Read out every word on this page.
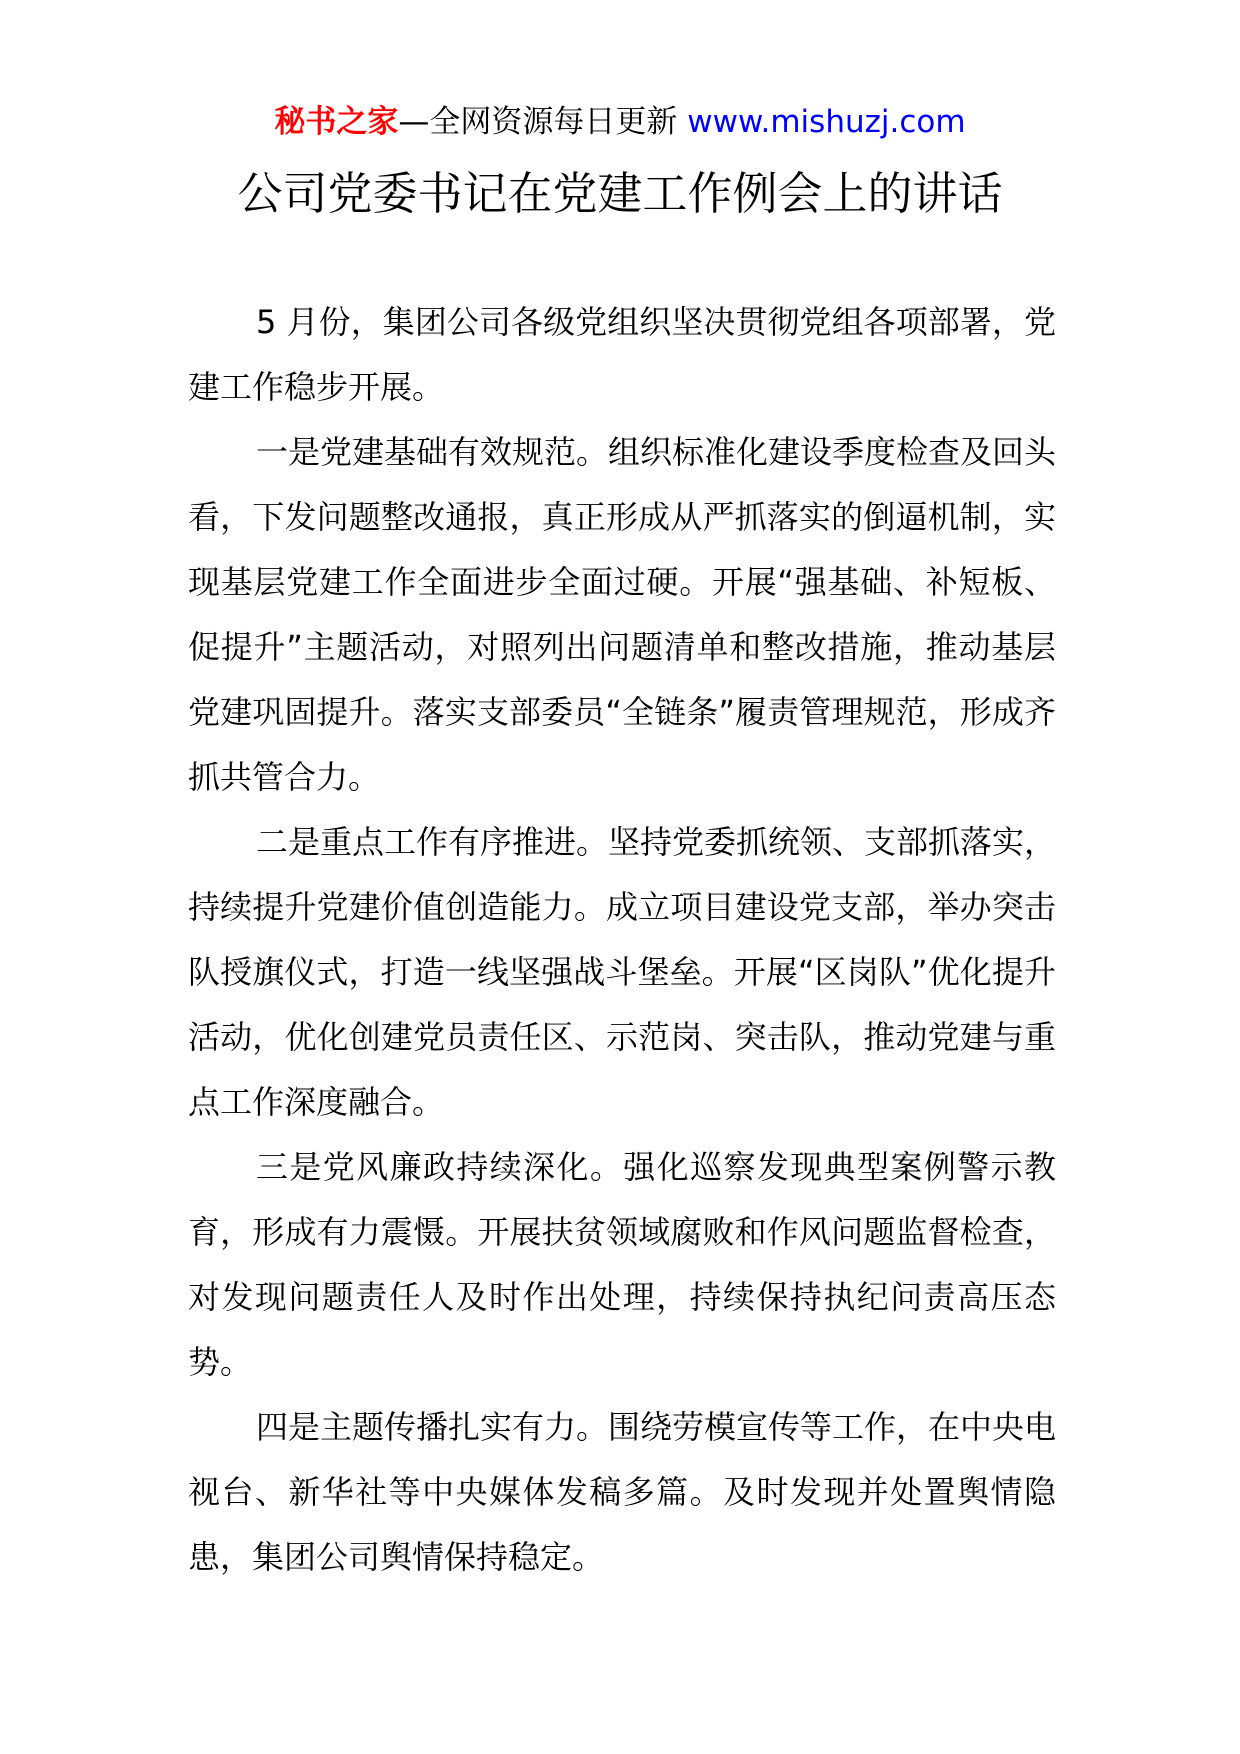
秘书之家—全网资源每日更新 www.mishuzj.com
公司党委书记在党建工作例会上的讲话

5 月份，集团公司各级党组织坚决贯彻党组各项部署，党建工作稳步开展。

一是党建基础有效规范。组织标准化建设季度检查及回头看，下发问题整改通报，真正形成从严抓落实的倒逼机制，实现基层党建工作全面进步全面过硬。开展“强基础、补短板、促提升”主题活动，对照列出问题清单和整改措施，推动基层党建巩固提升。落实支部委员“全链条”履责管理规范，形成齐抓共管合力。

二是重点工作有序推进。坚持党委抓统领、支部抓落实，持续提升党建价值创造能力。成立项目建设党支部，举办突击队授旗仪式，打造一线坚强战斗堡垒。开展“区岗队”优化提升活动，优化创建党员责任区、示范岗、突击队，推动党建与重点工作深度融合。

三是党风廉政持续深化。强化巡察发现典型案例警示教育，形成有力震慑。开展扶贫领域腐败和作风问题监督检查，对发现问题责任人及时作出处理，持续保持执纪问责高压态势。

四是主题传播扎实有力。围绕劳模宣传等工作，在中央电视台、新华社等中央媒体发稿多篇。及时发现并处置舆情隐患，集团公司舆情保持稳定。
